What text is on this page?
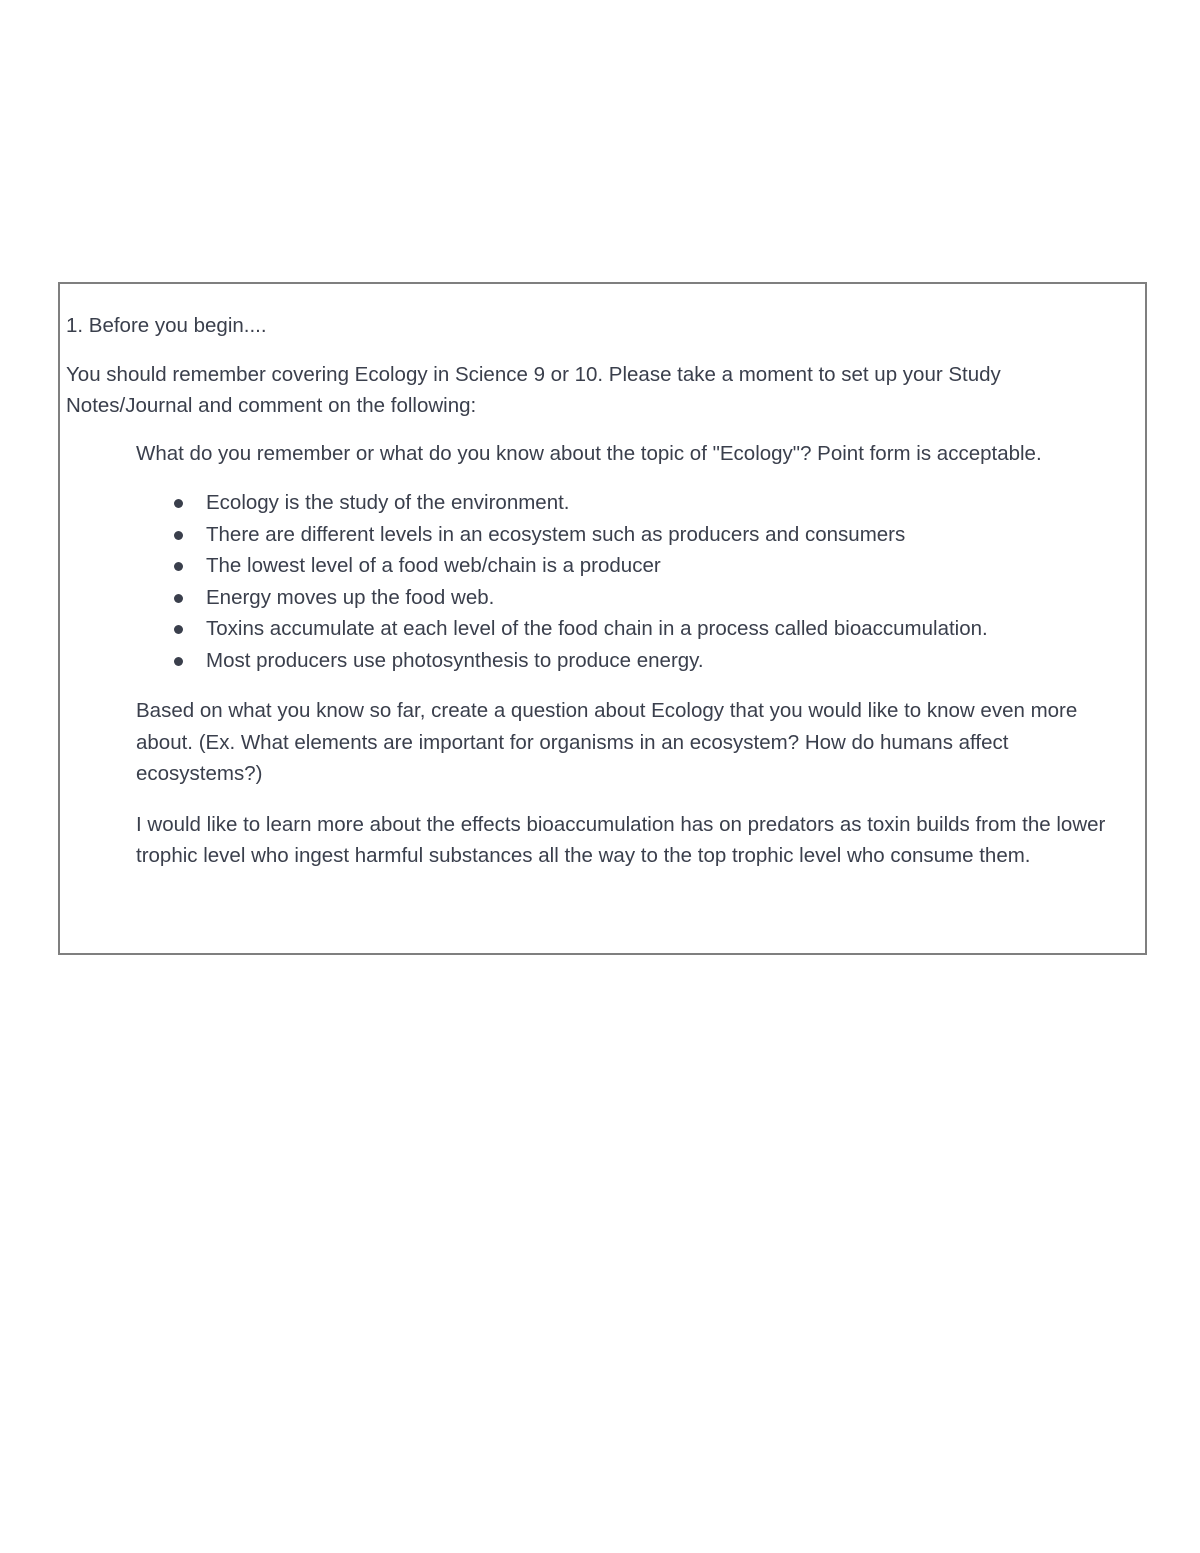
1. Before you begin....

You should remember covering Ecology in Science 9 or 10. Please take a moment to set up your Study Notes/Journal and comment on the following:

What do you remember or what do you know about the topic of "Ecology"? Point form is acceptable.

Ecology is the study of the environment.
There are different levels in an ecosystem such as producers and consumers
The lowest level of a food web/chain is a producer
Energy moves up the food web.
Toxins accumulate at each level of the food chain in a process called bioaccumulation.
Most producers use photosynthesis to produce energy.

Based on what you know so far, create a question about Ecology that you would like to know even more about. (Ex. What elements are important for organisms in an ecosystem? How do humans affect ecosystems?)

I would like to learn more about the effects bioaccumulation has on predators as toxin builds from the lower trophic level who ingest harmful substances all the way to the top trophic level who consume them.
